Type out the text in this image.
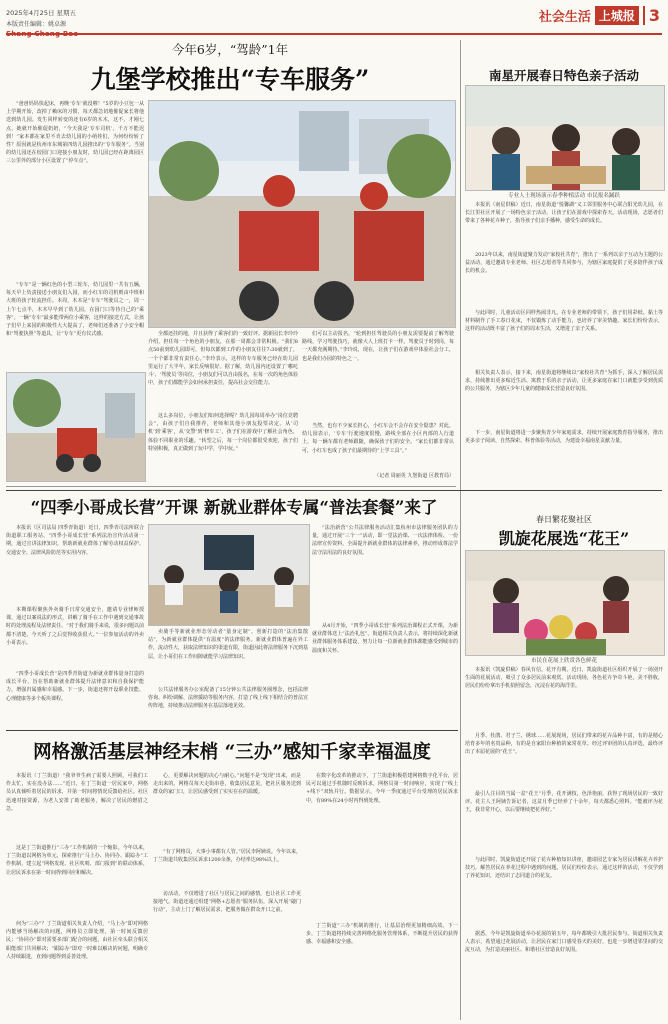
2025年4月25日 星期五
本版责任编辑：姚卓源	社会生活 上城报 3
今年6岁，“驾龄”1年
九堡学校推出“专车服务”

“爸爸妈妈快起床，再晚‘专车’就没啦！”5岁的小豆包一从上学期开始，改掉了赖床的习惯，每天都急切地催促家长将他送到幼儿园。发生同样转变的还有6岁的木木，这不，才刚七点，她就开始催促奶奶，“今天我是‘专车司机’，千万不能迟到！”家本都在家里不肯去幼儿园的小萌娃们，为何纷纷转了性？原因就是杭州市东城第四幼儿园推出的“专车服务”。当别的幼儿园还在校园门口迎接小朋友时，幼儿园已经在距离园区三公里外的部分小区设置了“停车点”。

“专车”是一辆红色的小型三轮车，幼儿园里一共有五辆，每天早上负责接送小朋友们入园，而小红车的司机则由中班和大班的孩子轮流担任。本周，木木是“专车”驾驶员之一，周一上午七点半，木木早早到了幼儿园，在园门口等待自己的“乘客”。一辆“专车”最多能带两位小乘客，这样的接送方式，让孩子们早上来园的积极性大大提高了，老师们还准备了小安全帽和“驾驶执照”等道具，让“专车”更有仪式感。	全都还挂的地，并且获得了乘客们的一致好评。据新园长李玲玲介绍，担任每一个角色的小朋友，在那一周都会非常积极。“我们8点50前到幼儿园即可，但每次都到工作的小朋友往往7:30就到了，一个个都非常有责任心。”李玲表示，这样的专车服务已经在幼儿园里运行了大半年，家长反响很好。据了解，幼儿园内还设置了‘哪吒斗’、‘驾驶员’等岗位，小朋友们可以自由报名，在每一次的角色体验中，孩子们都能学会如何承担责任，提高社会交往能力。

这么多岗位，小朋友们如何选择呢？幼儿园每周举办“岗位竞聘会”，由孩子们自我推荐，老师和其他小朋友投票决定。从‘司机’到‘乘客’，从‘交警’到‘修车工’，孩子们在游戏中了解社会角色，体验不同职业的乐趣。“转型之后，每一个岗位都很受欢迎，孩子们特别积极，真正做到了玩中学，学中玩。”

们可以主动报名。“轮到担任驾驶员的小朋友需要提前了解驾驶路线，学习驾驶技巧，就像大人上班打卡一样。驾驶员于时到岗，每一天都充满期待。”李玲说，现在，让孩子们在游戏中体验社会分工，也是我们办园的特色之一。

当然，也有不少家长担心，小红车会不会存在安全隐患？对此，幼儿园表示，‘专车’行驶速度很慢，路线全部在小区内部的人行道上，每一辆车都有老师跟随，确保孩子们的安全。“家长们都非常认可，小红车也成了孩子们最期待的“上学工具”。”

（记者 周丽英 九堡街道 区教育局）
南星开展春日特色亲子活动
专业人士现场演示春季种植活动 市民报名踊跃

本报讯（南星供稿）近日，南星街道“悦馨湖”义工邻里服务中心联合阳光幼儿园，在长江里社区开展了一场特色亲子活动，让孩子们在游戏中探索春天。活动现场，志愿者们带来了各种花卉种子，指导孩子们亲手播种，感受生命的成长。

2023年以来，南星街道聚力发动“家校社共育”，推出了一系列以亲子互动为主题的公益活动，通过邀请专业老师、社区志愿者等共同参与，为辖区家庭提供了更多陪伴孩子成长的机会。

与此同时，儿童活动区同样热闹非凡。在专业老师的带领下，孩子们用彩纸、黏土等材料制作了手工春日花束，不仅锻炼了动手能力，也培养了审美情趣。家长们纷纷表示，这样的活动既丰富了孩子们的周末生活，又增进了亲子关系。

相关负责人表示，接下来，南星街道将继续以“家校社共育”为抓手，深入了解居民需求，持续推出更多贴近生活、寓教于乐的亲子活动，让更多家庭在家门口就能享受到优质的公共服务，为辖区少年儿童的健康成长营造良好氛围。

下一步，南星街道将进一步聚焦青少年家庭需求，持续开展家庭教育指导服务，推出更多亲子阅读、自然探索、科普体验等活动，为建设幸福南星贡献力量。

“四季小哥成长营”开课 新就业群体专属“普法套餐”来了

本报讯（区司法局 四季青街道）近日，四季青司法所联合街道职工服务站、“四季小哥成长营”系列法治宣传活动第一期，通过宣讲法律知识，帮助新就业群体了解劳动权益保护、交通安全、法律风险防范等实用内容。

本期课程聚焦外卖骑手日常交通安全，邀请专业律师授课，通过以案说法的形式，讲解了骑手在工作中遇到交通事故时的处理流程及法律责任。“对于我们骑手来说，很多问题以前都不清楚，今天听了之后觉得收获很大。”一位参加活动的外卖小哥表示。

“四季小哥成长营”是四季青街道为新就业群体量身打造的成长平台，旨在帮助新就业群体提升法律意识和自我保护能力，增强归属感和幸福感。下一步，街道还将开设职业技能、心理健康等多个板块课程。

卖骑手等新就业形态劳动者“量身定制”。创新打造的“法治集散站”，为新就业群体提供“有温度”的法律服务。新就业群体普遍在外工作，流动性大，获取法律知识的渠道有限，街道因此将法律服务下沉到基层，让小哥们在工作间隙就能学习法律知识。

公共法律服务办公室配备了15分钟公共法律服务圈理念，包括法律咨询、纠纷调解、法律援助等服务内容，打造了线上线下相结合的普法宣传阵地，持续推动法律服务在基层落地见效。

“法治新营”公共法律服务活动汇集杭州市法律服务团队的力量，通过开展“三个一”活动，即一堂法治课、一次法律体检、一份法律宣传资料，全面提升新就业群体的法律素养，推动形成尊法学法守法用法的良好氛围。

从4月开始，“四季小哥成长营”系列法治课程正式开课，为新就业群体送上“法治礼包”。街道相关负责人表示，将持续深化新就业群体服务体系建设，努力让每一位新就业群体都能感受到城市的温度和关怀。

春日繁花聚社区
凯旋花展选“花王”
市民在花展上欣赏各色鲜花

本报讯（凯旋供稿）春风有信，花开有期。近日，凯旋街道社区组织开展了一场别开生面的花展活动，吸引了众多居民前来观赏。活动现场，各色花卉争奇斗艳，美不胜收，居民们纷纷拿出手机拍照留念，沉浸在花的海洋里。

月季、杜鹃、君子兰、绣球……花展现场，居民们带来的花卉品种丰富，有的是精心培育多年的名贵品种，有的是自家阳台种植的家常花草。经过评审团的认真评选，最终评出了本届花展的“花王”。

最引人注目的当属一盆“花王”月季，花开满枝，色泽艳丽，获得了现场居民的一致好评。花主人王阿姨告诉记者，这盆月季已经养了十余年，每天都悉心照料。“能被评为花王，我非常开心，以后要继续把花养好。”

与此同时，凯旋街道还开展了花卉种植知识讲座，邀请园艺专家为居民讲解花卉养护技巧，解答居民在养花过程中遇到的问题。居民们纷纷表示，通过这样的活动，不仅学到了养花知识，还结识了志同道合的花友。

据悉，今年是凯旋街道举办花展的第五年，每年都吸引大批居民参与。街道相关负责人表示，希望通过花展活动，让居民在家门口感受春天的美好，也进一步增进邻里间的交流互动，为打造美丽社区、和谐社区营造良好氛围。

网格激活基层神经末梢 “三办”感知千家幸福温度

本报讯（丁兰街道）“我爷爷生病了需要人照顾，可我们工作太忙，实在没办法……”近日，在丁兰街道一居民家中，网格员认真倾听着居民的诉求，并第一时间将情况反馈给社区。社区迅速对接资源，为老人安排了助老服务，解决了居民的燃眉之急。

这是丁兰街道推行“三办”工作机制的一个缩影。今年以来，丁兰街道以网格为单元，探索推行“马上办、协同办、跟踪办”工作机制，建立起“网格发现、社区吹哨、部门报到”的联动体系，让居民诉求在第一时间得到回应和解决。

何为“三办”？丁兰街道相关负责人介绍，“马上办”即对网格内能够当场解决的问题，网格员立即处理，第一时间反馈居民；“协同办”即对需要多部门配合的问题，由社区牵头联合相关职能部门共同解决；“跟踪办”即对一时难以解决的问题，明确专人持续跟进，直到问题得到妥善处理。

心，更要解决问题的决心与耐心。”问题不是“发现”出来，而是走出来的。网格员每天走街串巷，收集居民意见，把社区服务送到群众的家门口，让居民感受到了实实在在的温暖。

“有了网格员，大事小事都有人管。”居民李阿姨说。今年以来，丁兰街道共收集居民诉求1200余条，办结率达98%以上。

访活动，不仅增进了社区与居民之间的感情，也让社区工作更接地气。街道还通过组建“网格+志愿者”服务队伍，深入开展“敲门行动”，主动上门了解居民需求，把服务做在群众开口之前。

在数字化改革的推动下，丁兰街道积极搭建网格数字化平台，居民可以通过手机随时反映诉求，网格员第一时间响应，实现了“线上+线下”双轨并行。数据显示，今年一季度通过平台受理的居民诉求中，有89%在24小时内得到处理。

丁兰街道“三办”机制的推行，让基层治理更加精细高效。下一步，丁兰街道将持续完善网格化服务管理体系，不断提升居民的获得感、幸福感和安全感。
